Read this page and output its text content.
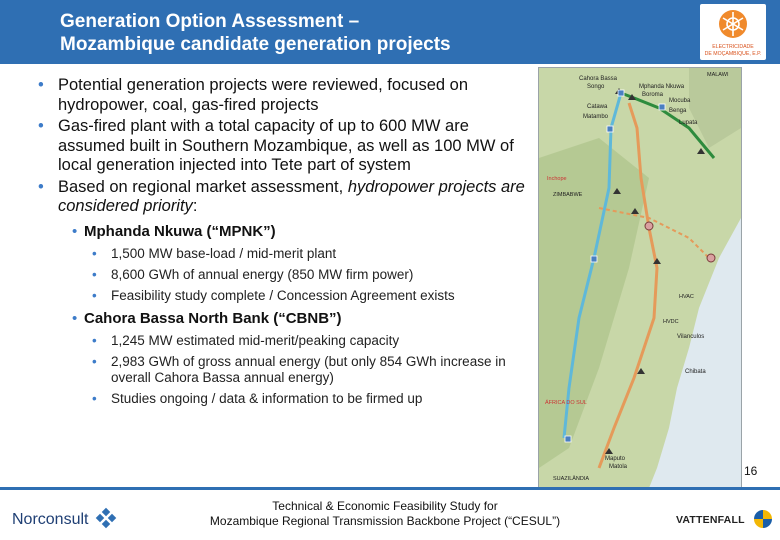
Generation Option Assessment –
Mozambique candidate generation projects	ELECTRICIDADE
DE MOÇAMBIQUE, E.P.
• Potential generation projects were reviewed, focused on hydropower, coal, gas-fired projects
• Gas-fired plant with a total capacity of up to 600 MW are assumed built in Southern Mozambique, as well as 100 MW of local generation injected into Tete part of system
• Based on regional market assessment, hydropower projects are considered priority:
• Mphanda Nkuwa (“MPNK”)
• 1,500 MW base-load / mid-merit plant
• 8,600 GWh of annual energy (850 MW firm power)
• Feasibility study complete / Concession Agreement exists
• Cahora Bassa North Bank (“CBNB”)
• 1,245 MW estimated mid-merit/peaking capacity
• 2,983 GWh of gross annual energy (but only 854 GWh increase in overall Cahora Bassa annual energy)
• Studies ongoing / data & information to be firmed up
Cahora Bassa
Songo	Mphanda Nkuwa
Boroma
Mocuba
Catawa
Benga
Matambo
Lupata
MALAWI
Inchope
ZIMBABWE
HVAC
HVDC
Vilanculos
Chibata
ÁFRICA DO SUL
Maputo
Matola
SUAZILÂNDIA
16
Norconsult
Technical & Economic Feasibility Study for
Mozambique Regional Transmission Backbone Project (“CESUL”)	VATTENFALL
